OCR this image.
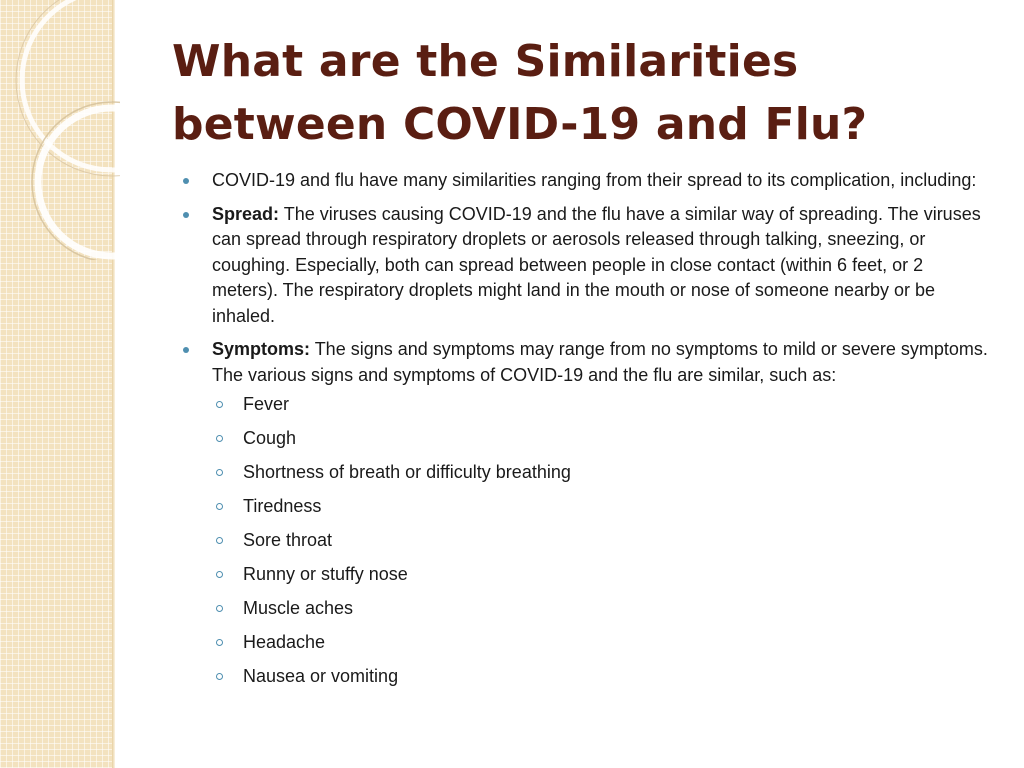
What are the Similarities between COVID-19 and Flu?
COVID-19 and flu have many similarities ranging from their spread to its complication, including:
Spread: The viruses causing COVID-19 and the flu have a similar way of spreading. The viruses can spread through respiratory droplets or aerosols released through talking, sneezing, or coughing. Especially, both can spread between people in close contact (within 6 feet, or 2 meters). The respiratory droplets might land in the mouth or nose of someone nearby or be inhaled.
Symptoms: The signs and symptoms may range from no symptoms to mild or severe symptoms. The various signs and symptoms of COVID-19 and the flu are similar, such as:
Fever
Cough
Shortness of breath or difficulty breathing
Tiredness
Sore throat
Runny or stuffy nose
Muscle aches
Headache
Nausea or vomiting
